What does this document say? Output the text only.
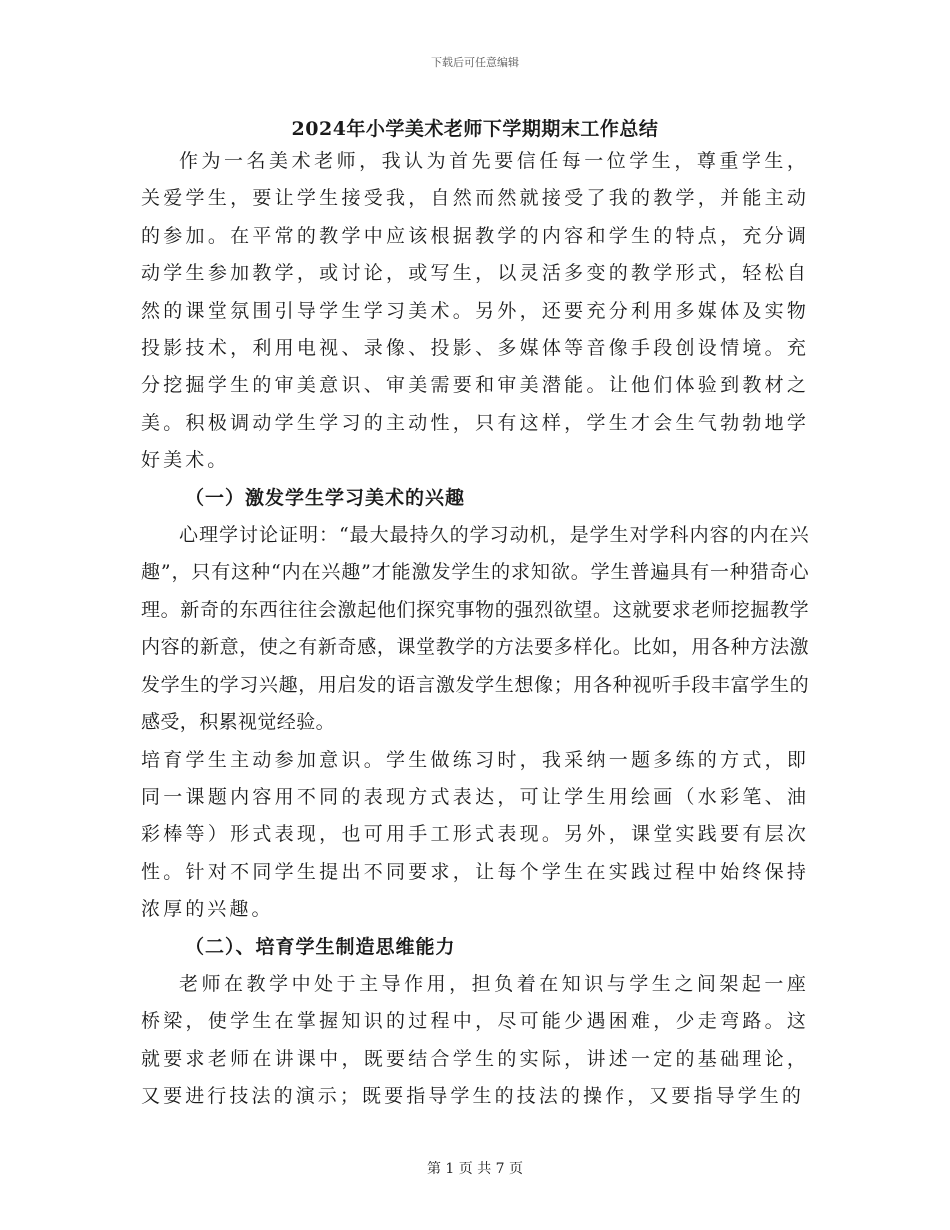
下载后可任意编辑
2024年小学美术老师下学期期末工作总结

作为一名美术老师，我认为首先要信任每一位学生，尊重学生，关爱学生，要让学生接受我，自然而然就接受了我的教学，并能主动的参加。在平常的教学中应该根据教学的内容和学生的特点，充分调动学生参加教学，或讨论，或写生，以灵活多变的教学形式，轻松自然的课堂氛围引导学生学习美术。另外，还要充分利用多媒体及实物投影技术，利用电视、录像、投影、多媒体等音像手段创设情境。充分挖掘学生的审美意识、审美需要和审美潜能。让他们体验到教材之美。积极调动学生学习的主动性，只有这样，学生才会生气勃勃地学好美术。

（一）激发学生学习美术的兴趣

心理学讨论证明：“最大最持久的学习动机，是学生对学科内容的内在兴趣”，只有这种“内在兴趣”才能激发学生的求知欲。学生普遍具有一种猎奇心理。新奇的东西往往会激起他们探究事物的强烈欲望。这就要求老师挖掘教学内容的新意，使之有新奇感，课堂教学的方法要多样化。比如，用各种方法激发学生的学习兴趣，用启发的语言激发学生想像；用各种视听手段丰富学生的感受，积累视觉经验。

培育学生主动参加意识。学生做练习时，我采纳一题多练的方式，即同一课题内容用不同的表现方式表达，可让学生用绘画（水彩笔、油彩棒等）形式表现，也可用手工形式表现。另外，课堂实践要有层次性。针对不同学生提出不同要求，让每个学生在实践过程中始终保持浓厚的兴趣。

（二）、培育学生制造思维能力

老师在教学中处于主导作用，担负着在知识与学生之间架起一座桥梁，使学生在掌握知识的过程中，尽可能少遇困难，少走弯路。这就要求老师在讲课中，既要结合学生的实际，讲述一定的基础理论，又要进行技法的演示；既要指导学生的技法的操作，又要指导学生的

第 1 页 共 7 页
